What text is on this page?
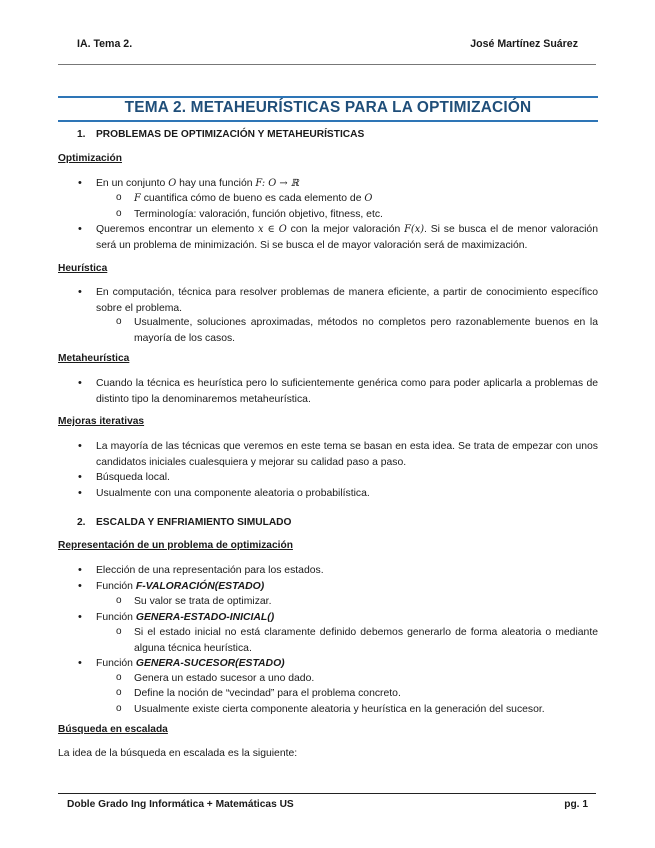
IA. Tema 2.	José Martínez Suárez
TEMA 2. METAHEURÍSTICAS PARA LA OPTIMIZACIÓN
1. PROBLEMAS DE OPTIMIZACIÓN Y METAHEURÍSTICAS
Optimización
• En un conjunto O hay una función F: O → ℝ
o F cuantifica cómo de bueno es cada elemento de O
o Terminología: valoración, función objetivo, fitness, etc.
• Queremos encontrar un elemento x ∈ O con la mejor valoración F(x). Si se busca el de menor valoración será un problema de minimización. Si se busca el de mayor valoración será de maximización.
Heurística
• En computación, técnica para resolver problemas de manera eficiente, a partir de conocimiento específico sobre el problema.
o Usualmente, soluciones aproximadas, métodos no completos pero razonablemente buenos en la mayoría de los casos.
Metaheurística
• Cuando la técnica es heurística pero lo suficientemente genérica como para poder aplicarla a problemas de distinto tipo la denominaremos metaheurística.
Mejoras iterativas
• La mayoría de las técnicas que veremos en este tema se basan en esta idea. Se trata de empezar con unos candidatos iniciales cualesquiera y mejorar su calidad paso a paso.
• Búsqueda local.
• Usualmente con una componente aleatoria o probabilística.
2. ESCALDA Y ENFRIAMIENTO SIMULADO
Representación de un problema de optimización
• Elección de una representación para los estados.
• Función F-VALORACIÓN(ESTADO)
o Su valor se trata de optimizar.
• Función GENERA-ESTADO-INICIAL()
o Si el estado inicial no está claramente definido debemos generarlo de forma aleatoria o mediante alguna técnica heurística.
• Función GENERA-SUCESOR(ESTADO)
o Genera un estado sucesor a uno dado.
o Define la noción de “vecindad” para el problema concreto.
o Usualmente existe cierta componente aleatoria y heurística en la generación del sucesor.
Búsqueda en escalada
La idea de la búsqueda en escalada es la siguiente:
Doble Grado Ing Informática + Matemáticas US	pg. 1
